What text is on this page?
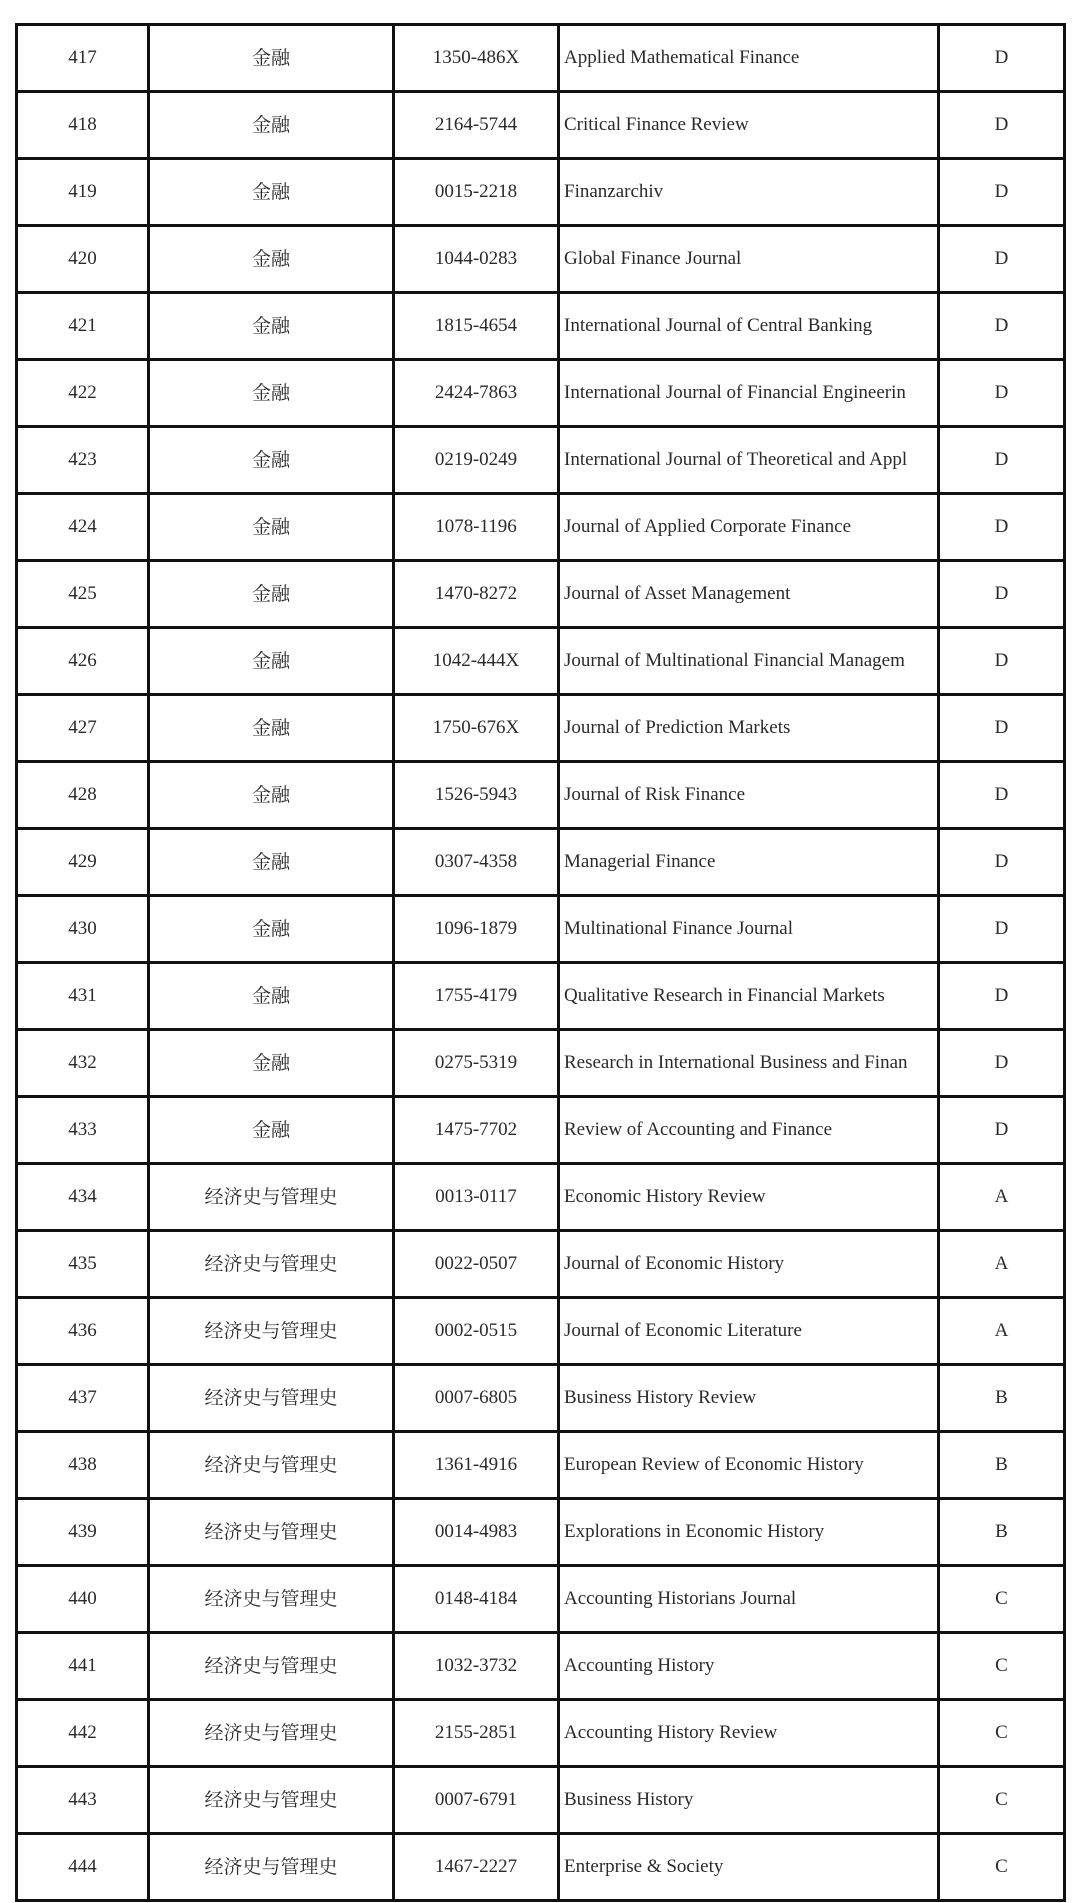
417	金融	1350-486X	Applied Mathematical Finance	D
418	金融	2164-5744	Critical Finance Review	D
419	金融	0015-2218	Finanzarchiv	D
420	金融	1044-0283	Global Finance Journal	D
421	金融	1815-4654	International Journal of Central Banking	D
422	金融	2424-7863	International Journal of Financial Engineerin	D
423	金融	0219-0249	International Journal of Theoretical and Appl	D
424	金融	1078-1196	Journal of Applied Corporate Finance	D
425	金融	1470-8272	Journal of Asset Management	D
426	金融	1042-444X	Journal of Multinational Financial Managem	D
427	金融	1750-676X	Journal of Prediction Markets	D
428	金融	1526-5943	Journal of Risk Finance	D
429	金融	0307-4358	Managerial Finance	D
430	金融	1096-1879	Multinational Finance Journal	D
431	金融	1755-4179	Qualitative Research in Financial Markets	D
432	金融	0275-5319	Research in International Business and Finan	D
433	金融	1475-7702	Review of Accounting and Finance	D
434	经济史与管理史	0013-0117	Economic History Review	A
435	经济史与管理史	0022-0507	Journal of Economic History	A
436	经济史与管理史	0002-0515	Journal of Economic Literature	A
437	经济史与管理史	0007-6805	Business History Review	B
438	经济史与管理史	1361-4916	European Review of Economic History	B
439	经济史与管理史	0014-4983	Explorations in Economic History	B
440	经济史与管理史	0148-4184	Accounting Historians Journal	C
441	经济史与管理史	1032-3732	Accounting History	C
442	经济史与管理史	2155-2851	Accounting History Review	C
443	经济史与管理史	0007-6791	Business History	C
444	经济史与管理史	1467-2227	Enterprise & Society	C
